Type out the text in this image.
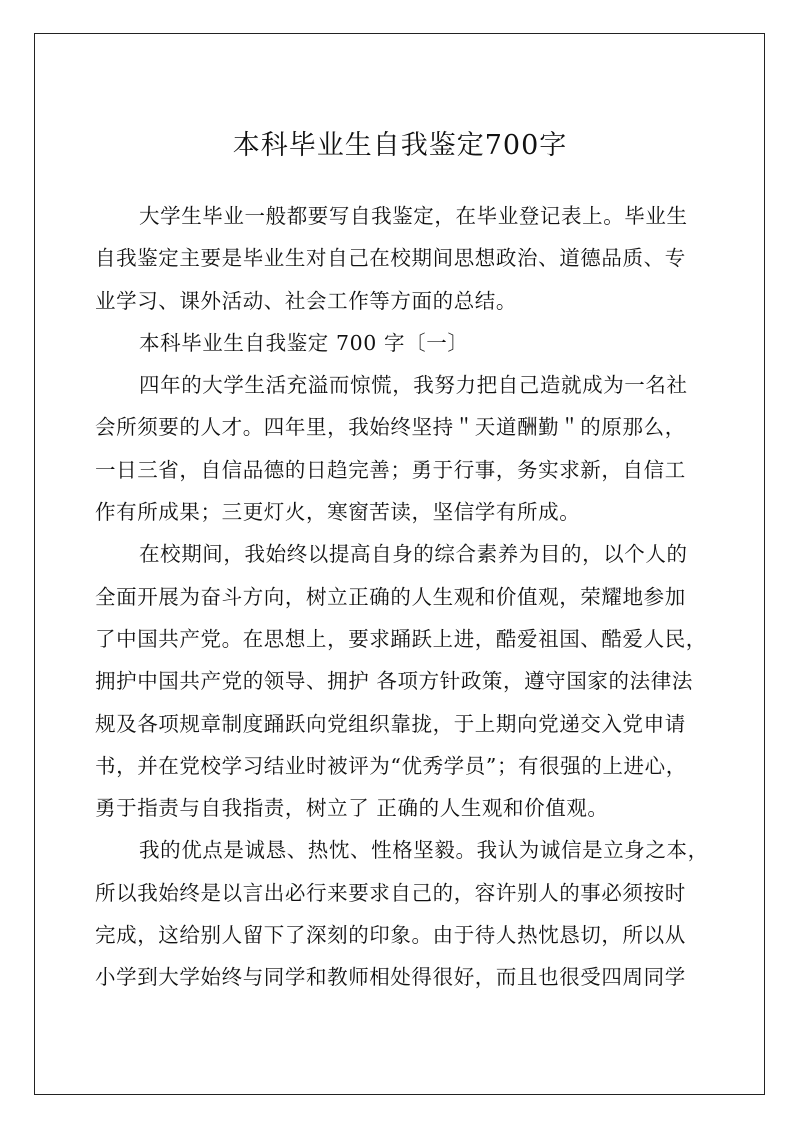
本科毕业生自我鉴定700字
大学生毕业一般都要写自我鉴定，在毕业登记表上。毕业生
自我鉴定主要是毕业生对自己在校期间思想政治、道德品质、专
业学习、课外活动、社会工作等方面的总结。
本科毕业生自我鉴定 700 字〔一〕
四年的大学生活充溢而惊慌，我努力把自己造就成为一名社
会所须要的人才。四年里，我始终坚持＂天道酬勤＂的原那么，
一日三省，自信品德的日趋完善；勇于行事，务实求新，自信工
作有所成果；三更灯火，寒窗苦读，坚信学有所成。
在校期间，我始终以提高自身的综合素养为目的，以个人的
全面开展为奋斗方向，树立正确的人生观和价值观，荣耀地参加
了中国共产党。在思想上，要求踊跃上进，酷爱祖国、酷爱人民，
拥护中国共产党的领导、拥护 各项方针政策，遵守国家的法律法
规及各项规章制度踊跃向党组织靠拢，于上期向党递交入党申请
书，并在党校学习结业时被评为“优秀学员”；有很强的上进心，
勇于指责与自我指责，树立了 正确的人生观和价值观。
我的优点是诚恳、热忱、性格坚毅。我认为诚信是立身之本，
所以我始终是以言出必行来要求自己的，容许别人的事必须按时
完成，这给别人留下了深刻的印象。由于待人热忱恳切，所以从
小学到大学始终与同学和教师相处得很好，而且也很受四周同学
